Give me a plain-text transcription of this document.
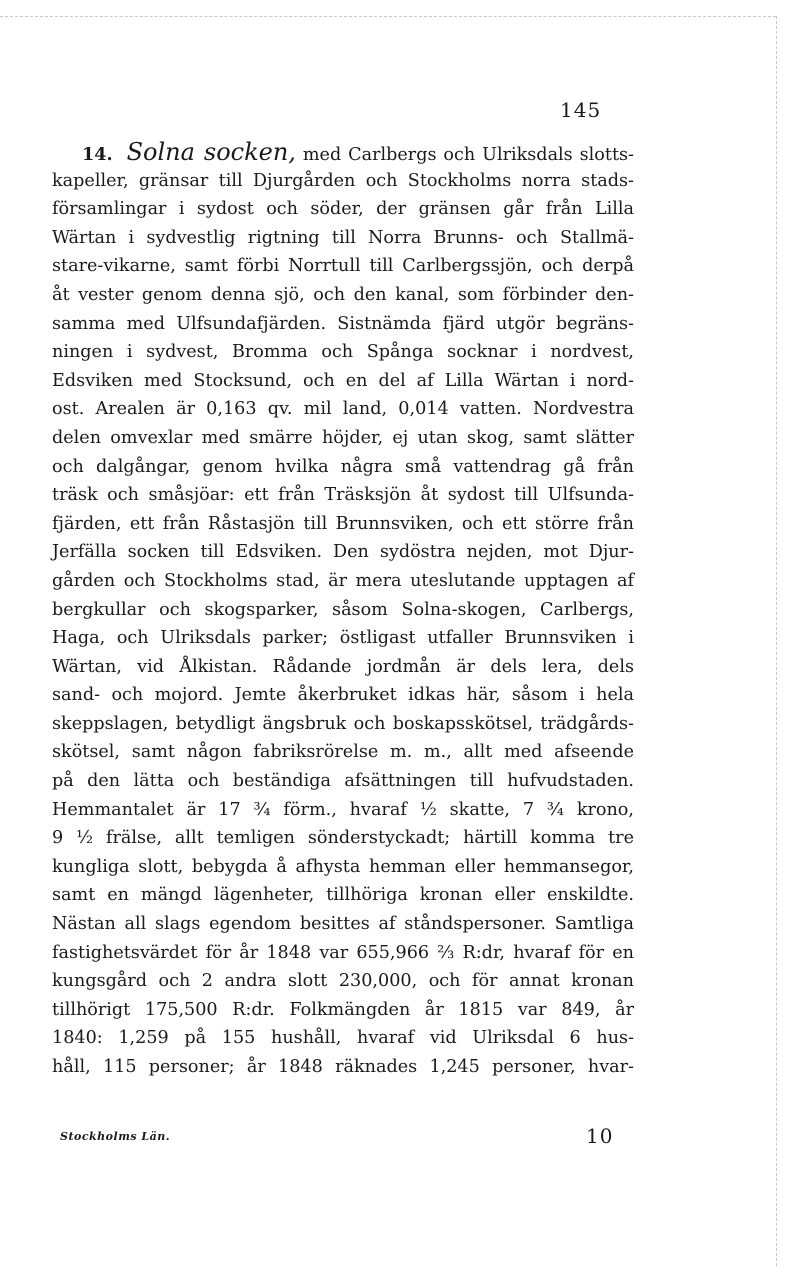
145
14. Solna socken, med Carlbergs och Ulriksdals slotts-
kapeller, gränsar till Djurgården och Stockholms norra stads-
församlingar i sydost och söder, der gränsen går från Lilla
Wärtan i sydvestlig rigtning till Norra Brunns- och Stallmä-
stare-vikarne, samt förbi Norrtull till Carlbergssjön, och derpå
åt vester genom denna sjö, och den kanal, som förbinder den-
samma med Ulfsundafjärden. Sistnämda fjärd utgör begräns-
ningen i sydvest, Bromma och Spånga socknar i nordvest,
Edsviken med Stocksund, och en del af Lilla Wärtan i nord-
ost. Arealen är 0,163 qv. mil land, 0,014 vatten. Nordvestra
delen omvexlar med smärre höjder, ej utan skog, samt slätter
och dalgångar, genom hvilka några små vattendrag gå från
träsk och småsjöar: ett från Träsksjön åt sydost till Ulfsunda-
fjärden, ett från Råstasjön till Brunnsviken, och ett större från
Jerfälla socken till Edsviken. Den sydöstra nejden, mot Djur-
gården och Stockholms stad, är mera uteslutande upptagen af
bergkullar och skogsparker, såsom Solna-skogen, Carlbergs,
Haga, och Ulriksdals parker; östligast utfaller Brunnsviken i
Wärtan, vid Ålkistan. Rådande jordmån är dels lera, dels
sand- och mojord. Jemte åkerbruket idkas här, såsom i hela
skeppslagen, betydligt ängsbruk och boskapsskötsel, trädgårds-
skötsel, samt någon fabriksrörelse m. m., allt med afseende
på den lätta och beständiga afsättningen till hufvudstaden.
Hemmantalet är 17 ¾ förm., hvaraf ½ skatte, 7 ¾ krono,
9 ½ frälse, allt temligen sönderstyckadt; härtill komma tre
kungliga slott, bebygda å afhysta hemman eller hemmansegor,
samt en mängd lägenheter, tillhöriga kronan eller enskildte.
Nästan all slags egendom besittes af ståndspersoner. Samtliga
fastighetsvärdet för år 1848 var 655,966 ⅔ R:dr, hvaraf för en
kungsgård och 2 andra slott 230,000, och för annat kronan
tillhörigt 175,500 R:dr. Folkmängden år 1815 var 849, år
1840: 1,259 på 155 hushåll, hvaraf vid Ulriksdal 6 hus-
håll, 115 personer; år 1848 räknades 1,245 personer, hvar-
Stockholms Län.	10
